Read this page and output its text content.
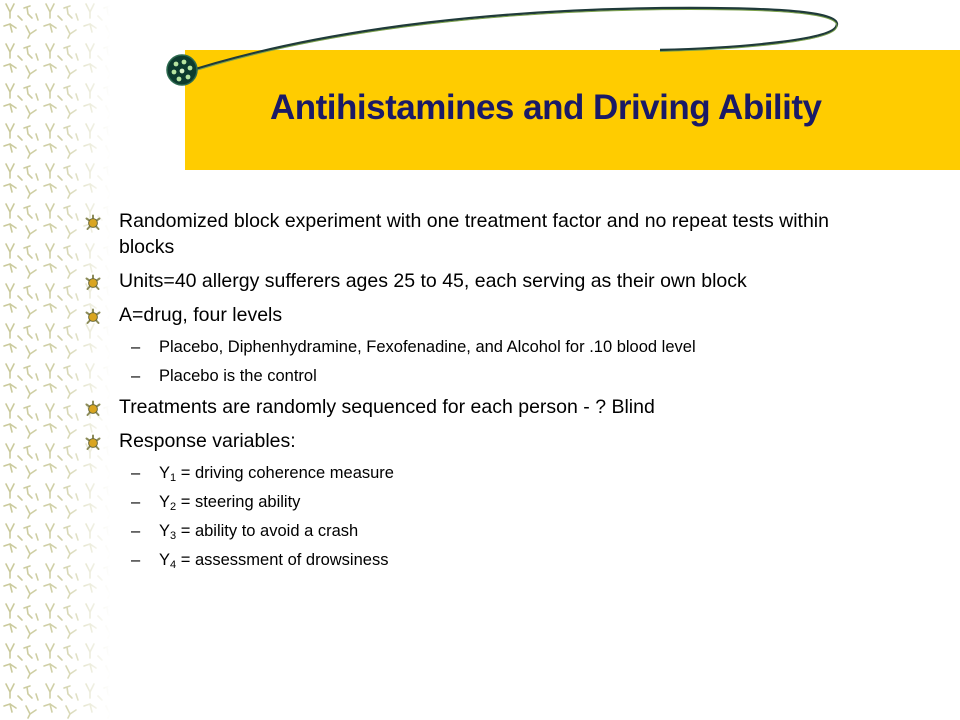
Antihistamines and Driving Ability
Randomized block experiment with one treatment factor and no repeat tests within blocks
Units=40 allergy sufferers ages 25 to 45, each serving as their own block
A=drug, four levels
– Placebo, Diphenhydramine, Fexofenadine, and Alcohol for .10 blood level
– Placebo is the control
Treatments are randomly sequenced for each person - ? Blind
Response variables:
– $Y_1$ = driving coherence measure
– $Y_2$ = steering ability
– $Y_3$ = ability to avoid a crash
– $Y_4$ = assessment of drowsiness
